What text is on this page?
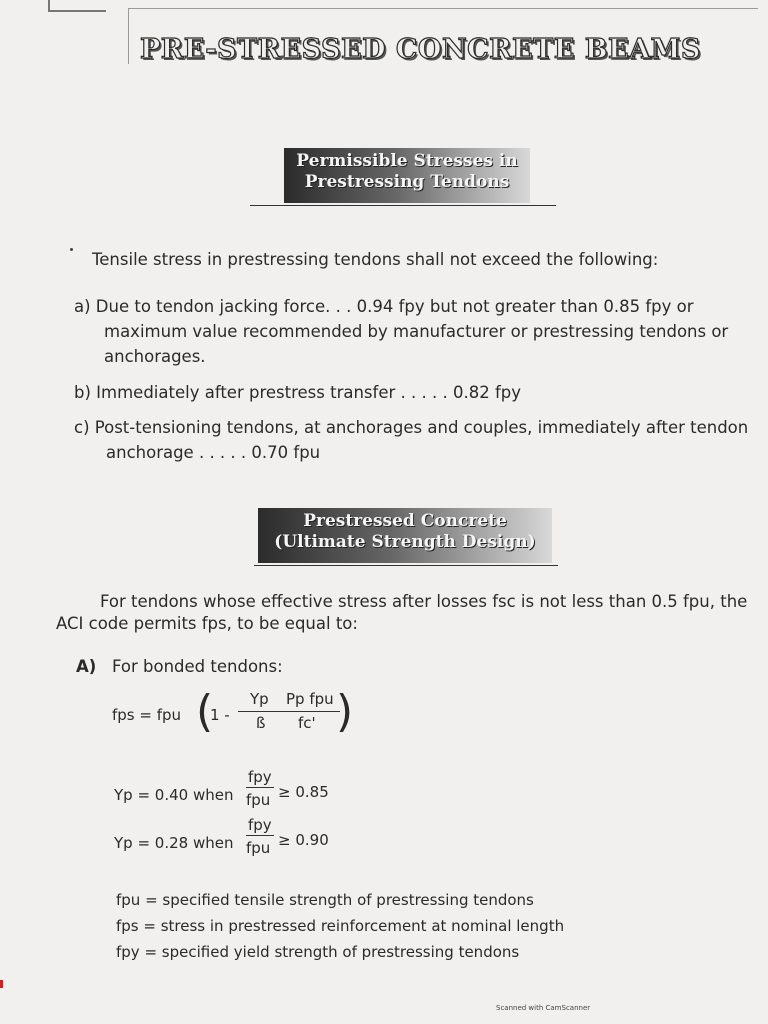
PRE-STRESSED CONCRETE BEAMS
Permissible Stresses in
Prestressing Tendons
Tensile stress in prestressing tendons shall not exceed the following:
a) Due to tendon jacking force. . . 0.94 fpy but not greater than 0.85 fpy or
maximum value recommended by manufacturer or prestressing tendons or
anchorages.
b) Immediately after prestress transfer . . . . . 0.82 fpy
c) Post-tensioning tendons, at anchorages and couples, immediately after tendon
anchorage . . . . . 0.70 fpu
Prestressed Concrete
(Ultimate Strength Design)
For tendons whose effective stress after losses fsc is not less than 0.5 fpu, the
ACI code permits fps, to be equal to:
A) For bonded tendons:
fps = fpu (
1 -
Yp
ß
Pp fpu
fc' )
Yp = 0.40 when
fpy
fpu ≥ 0.85
Yp = 0.28 when
fpy
fpu ≥ 0.90
fpu = specified tensile strength of prestressing tendons
fps = stress in prestressed reinforcement at nominal length
fpy = specified yield strength of prestressing tendons
Scanned with CamScanner
